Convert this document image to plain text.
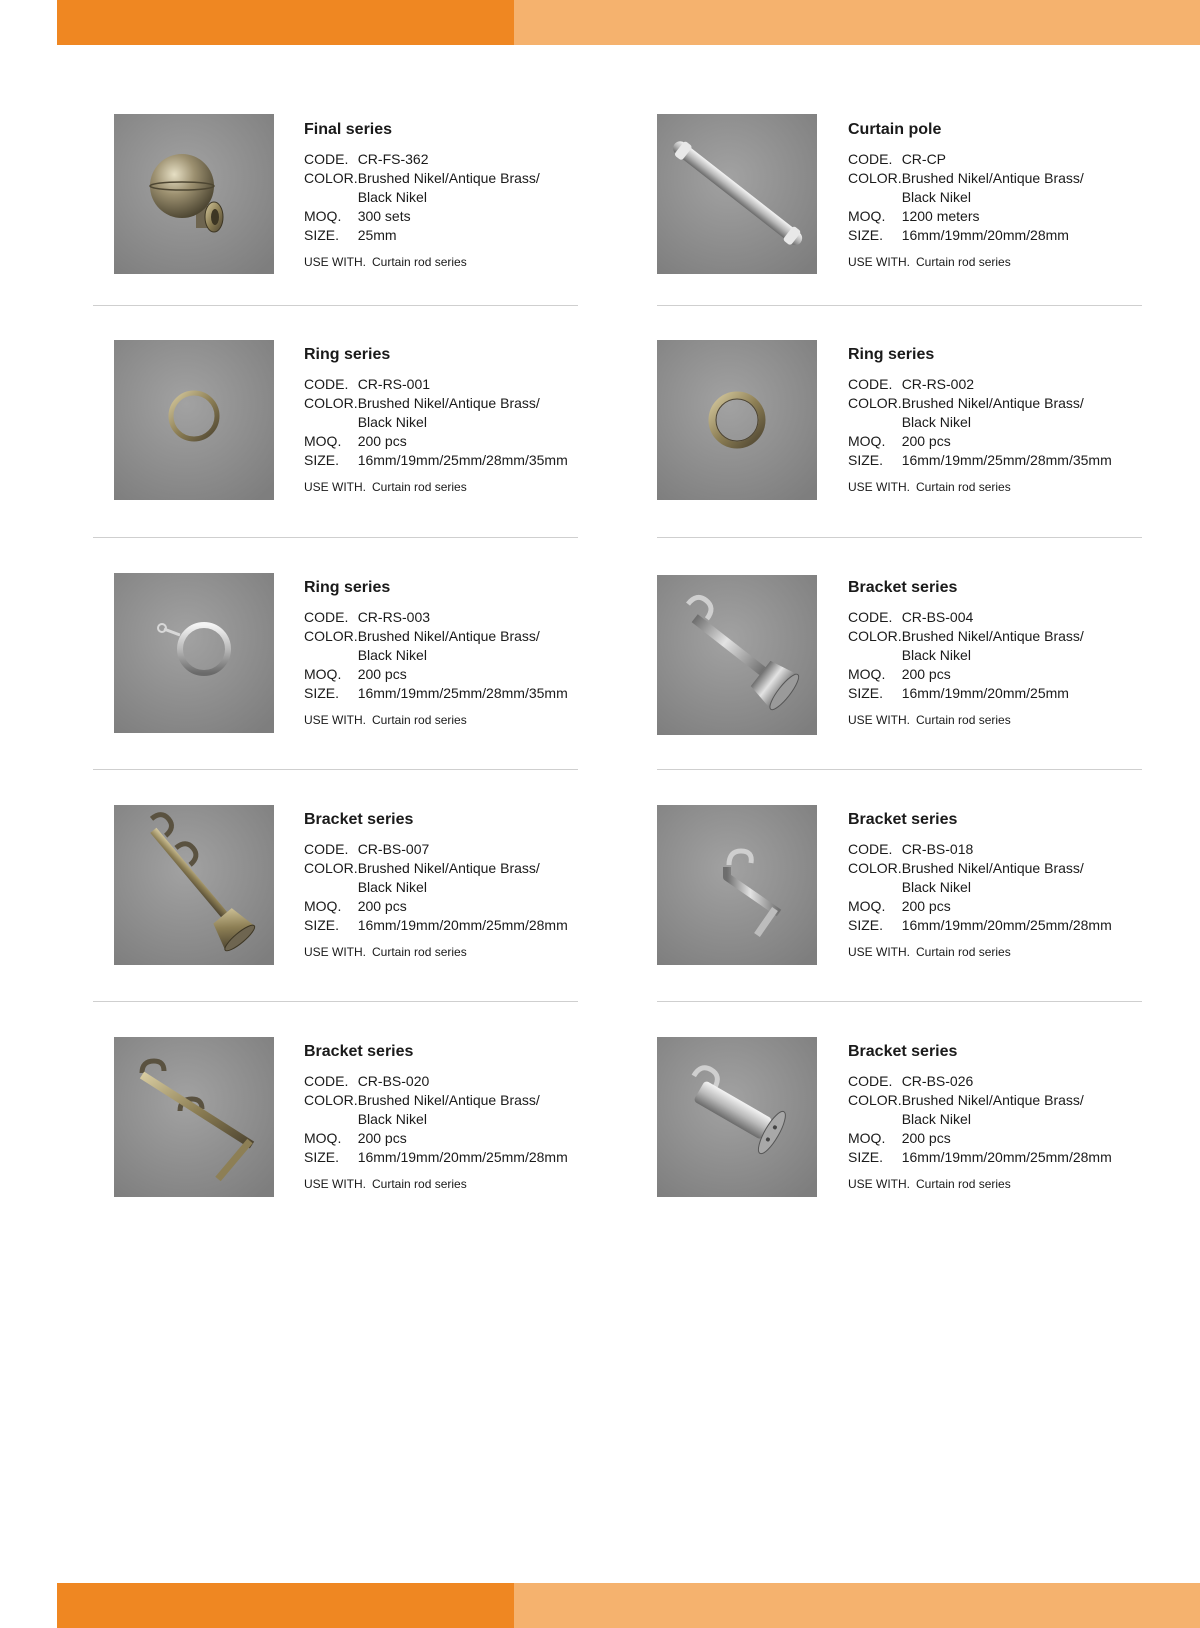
Final series
CODE.	CR-FS-362
COLOR.	Brushed Nikel/Antique Brass/
Black Nikel

MOQ.	300 sets
SIZE.	25mm
USE WITH. Curtain rod series
Curtain pole
CODE.	CR-CP
COLOR.	Brushed Nikel/Antique Brass/
Black Nikel

MOQ.	1200 meters
SIZE.	16mm/19mm/20mm/28mm
USE WITH. Curtain rod series
Ring series
CODE.	CR-RS-001
COLOR.	Brushed Nikel/Antique Brass/
Black Nikel

MOQ.	200 pcs
SIZE.	16mm/19mm/25mm/28mm/35mm
USE WITH. Curtain rod series
Ring series
CODE.	CR-RS-002
COLOR.	Brushed Nikel/Antique Brass/
Black Nikel

MOQ.	200 pcs
SIZE.	16mm/19mm/25mm/28mm/35mm
USE WITH. Curtain rod series
Ring series
CODE.	CR-RS-003
COLOR.	Brushed Nikel/Antique Brass/
Black Nikel

MOQ.	200 pcs
SIZE.	16mm/19mm/25mm/28mm/35mm
USE WITH. Curtain rod series
Bracket series
CODE.	CR-BS-004
COLOR.	Brushed Nikel/Antique Brass/
Black Nikel

MOQ.	200 pcs
SIZE.	16mm/19mm/20mm/25mm
USE WITH. Curtain rod series
Bracket series
CODE.	CR-BS-007
COLOR.	Brushed Nikel/Antique Brass/
Black Nikel

MOQ.	200 pcs
SIZE.	16mm/19mm/20mm/25mm/28mm
USE WITH. Curtain rod series
Bracket series
CODE.	CR-BS-018
COLOR.	Brushed Nikel/Antique Brass/
Black Nikel

MOQ.	200 pcs
SIZE.	16mm/19mm/20mm/25mm/28mm
USE WITH. Curtain rod series
Bracket series
CODE.	CR-BS-020
COLOR.	Brushed Nikel/Antique Brass/
Black Nikel

MOQ.	200 pcs
SIZE.	16mm/19mm/20mm/25mm/28mm
USE WITH. Curtain rod series
Bracket series
CODE.	CR-BS-026
COLOR.	Brushed Nikel/Antique Brass/
Black Nikel

MOQ.	200 pcs
SIZE.	16mm/19mm/20mm/25mm/28mm
USE WITH. Curtain rod series
